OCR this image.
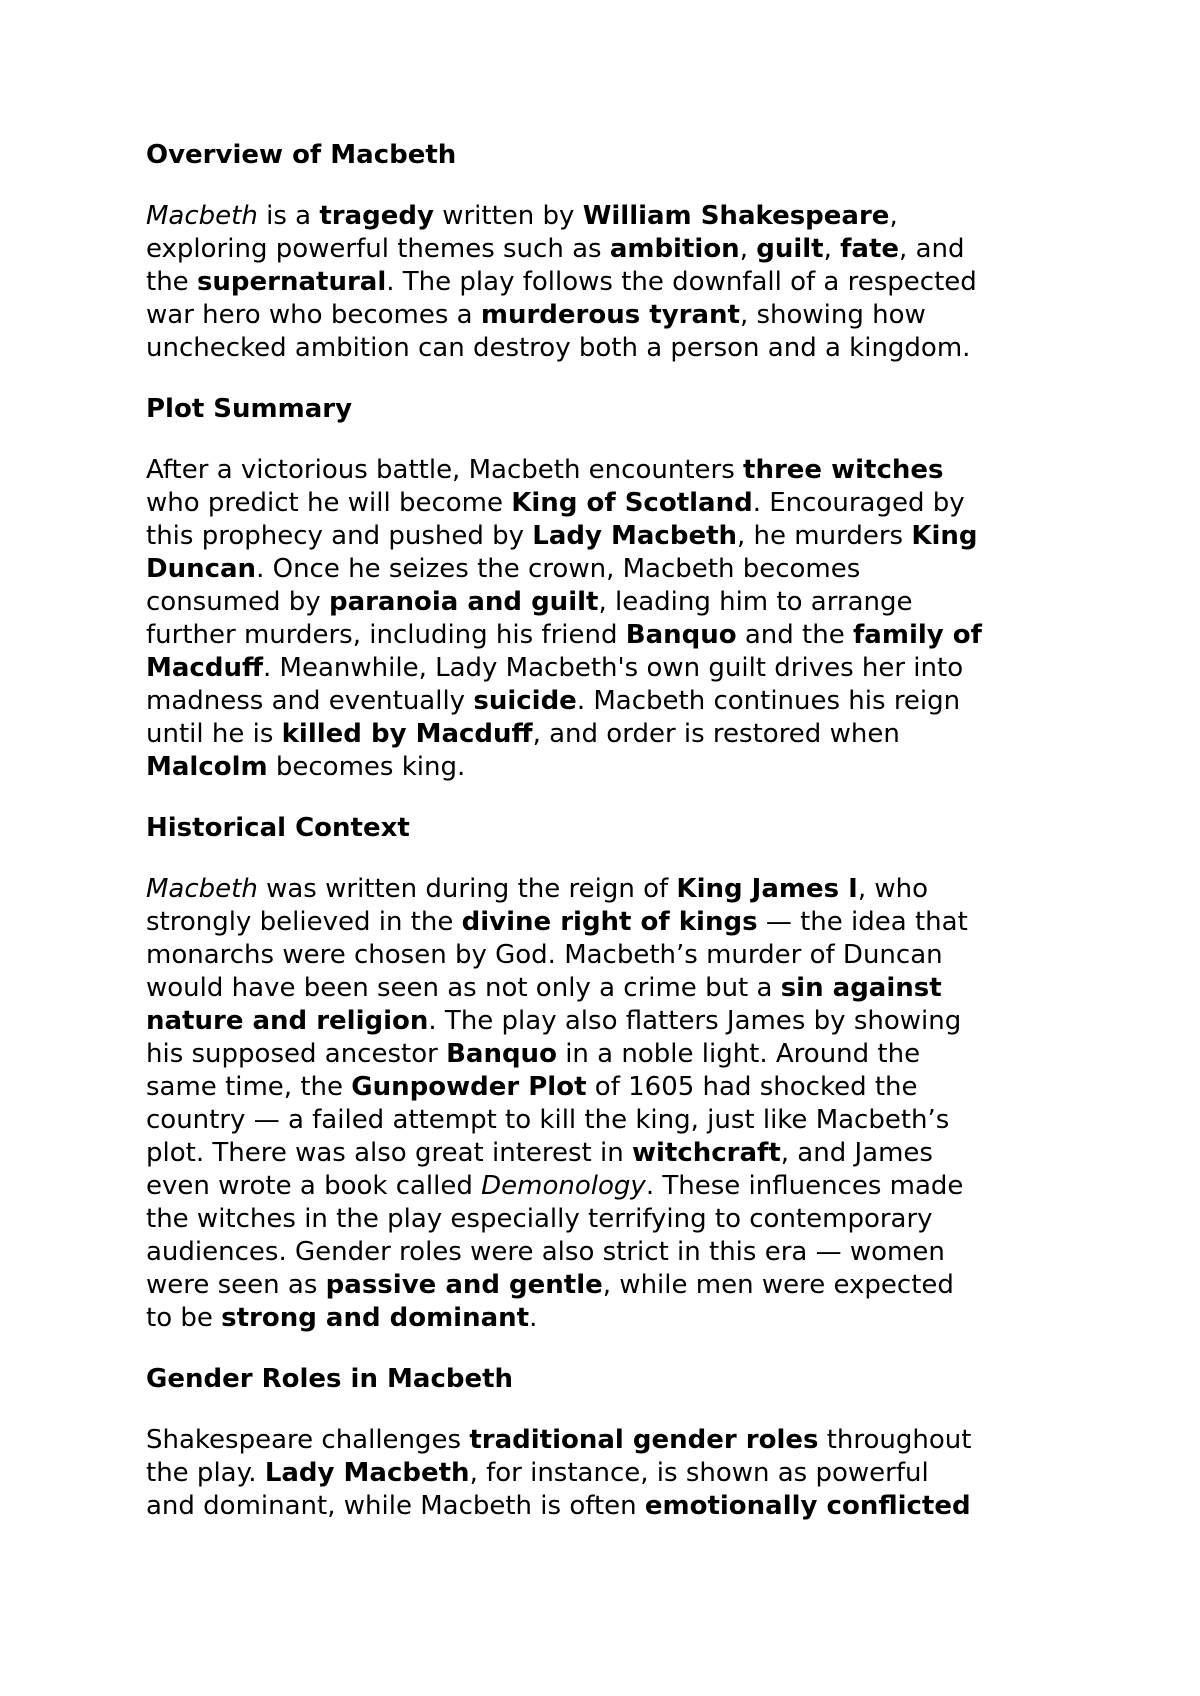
Overview of Macbeth
Macbeth is a tragedy written by William Shakespeare,
exploring powerful themes such as ambition, guilt, fate, and
the supernatural. The play follows the downfall of a respected
war hero who becomes a murderous tyrant, showing how
unchecked ambition can destroy both a person and a kingdom.
Plot Summary
After a victorious battle, Macbeth encounters three witches
who predict he will become King of Scotland. Encouraged by
this prophecy and pushed by Lady Macbeth, he murders King
Duncan. Once he seizes the crown, Macbeth becomes
consumed by paranoia and guilt, leading him to arrange
further murders, including his friend Banquo and the family of
Macduff. Meanwhile, Lady Macbeth's own guilt drives her into
madness and eventually suicide. Macbeth continues his reign
until he is killed by Macduff, and order is restored when
Malcolm becomes king.
Historical Context
Macbeth was written during the reign of King James I, who
strongly believed in the divine right of kings — the idea that
monarchs were chosen by God. Macbeth’s murder of Duncan
would have been seen as not only a crime but a sin against
nature and religion. The play also flatters James by showing
his supposed ancestor Banquo in a noble light. Around the
same time, the Gunpowder Plot of 1605 had shocked the
country — a failed attempt to kill the king, just like Macbeth’s
plot. There was also great interest in witchcraft, and James
even wrote a book called Demonology. These influences made
the witches in the play especially terrifying to contemporary
audiences. Gender roles were also strict in this era — women
were seen as passive and gentle, while men were expected
to be strong and dominant.
Gender Roles in Macbeth
Shakespeare challenges traditional gender roles throughout
the play. Lady Macbeth, for instance, is shown as powerful
and dominant, while Macbeth is often emotionally conflicted
